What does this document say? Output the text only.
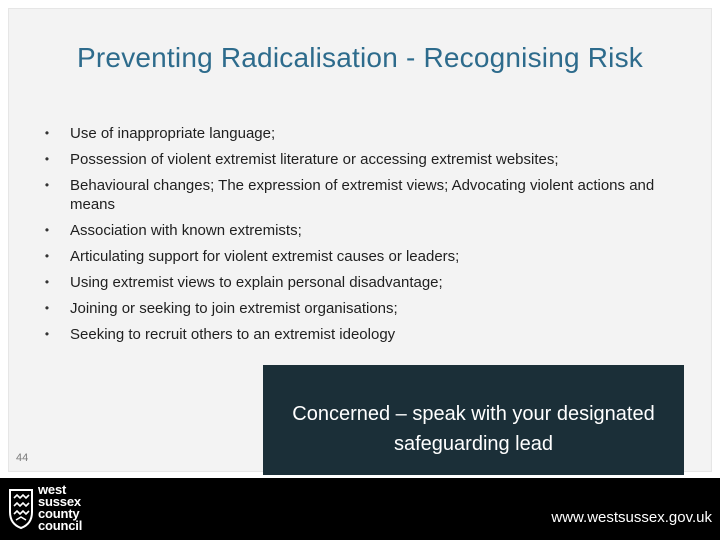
Preventing Radicalisation - Recognising Risk
•	Use of inappropriate language;
•	Possession of violent extremist literature or accessing extremist websites;
•	Behavioural changes; The expression of extremist views; Advocating violent actions and means
•	Association with known extremists;
•	Articulating support for violent extremist causes or leaders;
•	Using extremist views to explain personal disadvantage;
•	Joining or seeking to join extremist organisations;
•	Seeking to recruit others to an extremist ideology
Concerned – speak with your designated safeguarding lead
44
west
sussex
county
council	www.westsussex.gov.uk
